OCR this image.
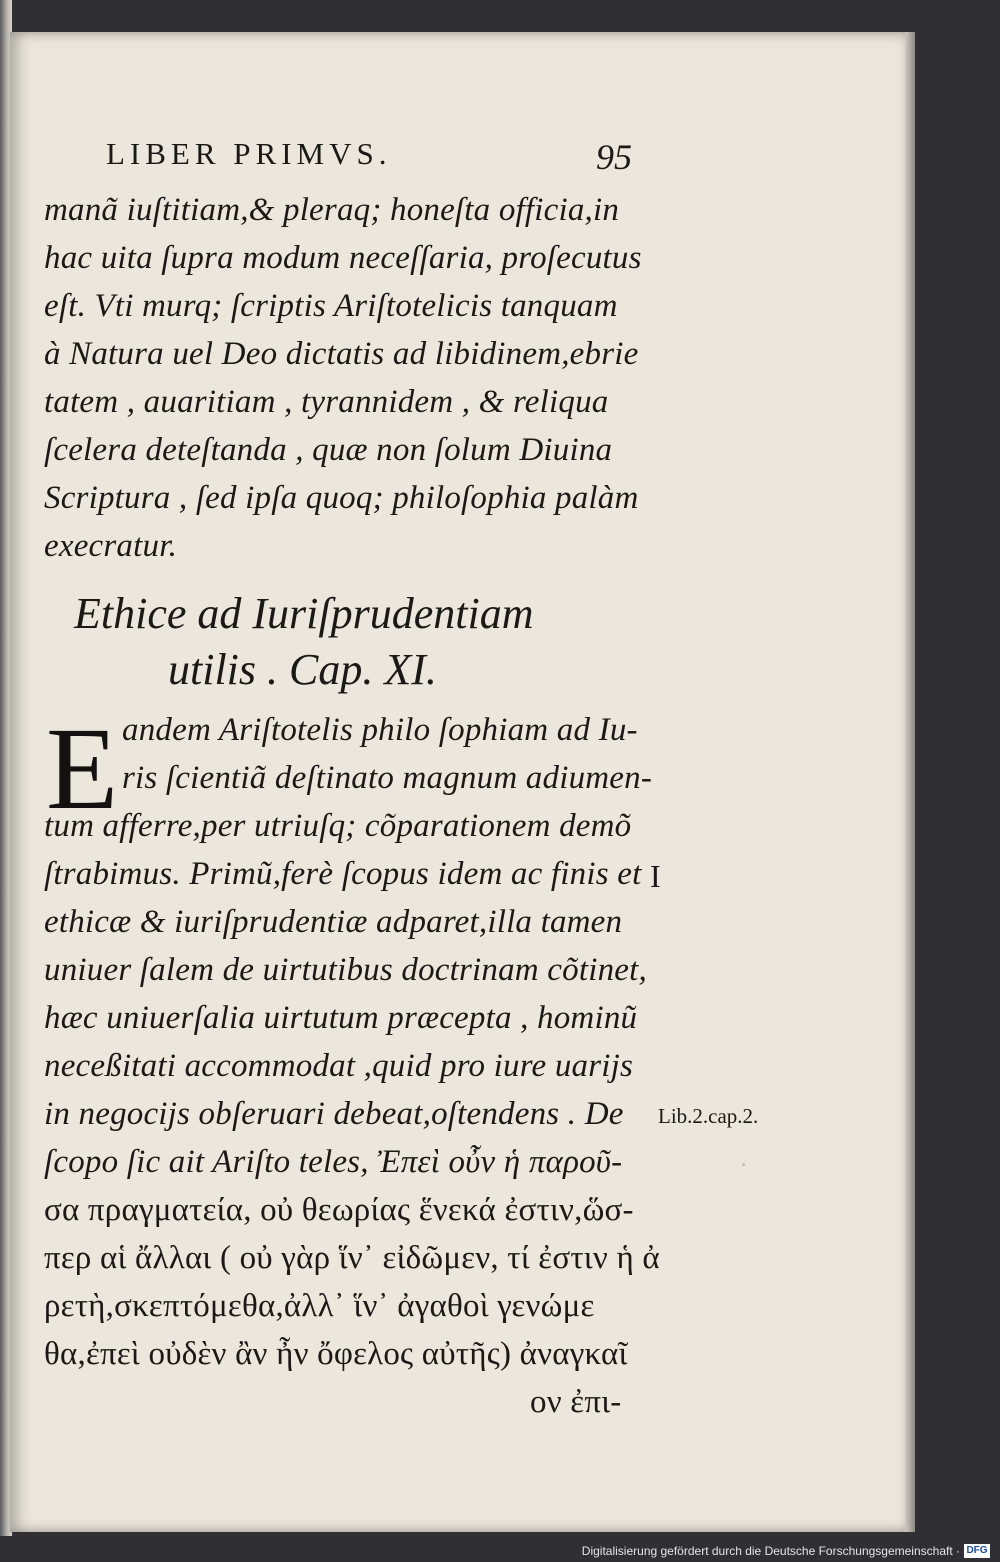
LIBER PRIMVS.	95
manã iuſtitiam,& pleraq; honeſta officia,in
hac uita ſupra modum neceſſaria, proſecutus
eſt. Vti murq; ſcriptis Ariſtotelicis tanquam
à Natura uel Deo dictatis ad libidinem,ebrie
tatem , auaritiam , tyrannidem , & reliqua
ſcelera deteſtanda , quæ non ſolum Diuina
Scriptura , ſed ipſa quoq; philoſophia palàm
execratur.
Ethice ad Iuriſprudentiam
utilis . Cap. XI.
E andem Ariſtotelis philo ſophiam ad Iu-
ris ſcientiã deſtinato magnum adiumen-
tum afferre,per utriuſq; cõparationem demõ
ſtrabimus. Primũ,ferè ſcopus idem ac finis et
ethicæ & iuriſprudentiæ adparet,illa tamen
uniuer ſalem de uirtutibus doctrinam cõtinet,
hæc uniuerſalia uirtutum præcepta , hominũ
neceßitati accommodat ,quid pro iure uarijs
in negocijs obſeruari debeat,oſtendens . De
ſcopo ſic ait Ariſto teles, Ἐπεὶ οὖν ἡ παροῦ-
σα πραγματεία, οὐ θεωρίας ἕνεκά ἐστιν,ὥσ-
περ αἱ ἄλλαι ( οὐ γὰρ ἵν᾽ εἰδῶμεν, τί ἐστιν ἡ ἀ
ρετὴ,σκεπτόμεθα,ἀλλ᾽ ἵν᾽ ἀγαθοὶ γενώμε
θα,ἐπεὶ οὐδὲν ἂν ἦν ὄφελος αὐτῆς) ἀναγκαῖ
ον ἐπι-
I
Lib.2.cap.2.
·
Digitalisierung gefördert durch die Deutsche Forschungsgemeinschaft · DFG
